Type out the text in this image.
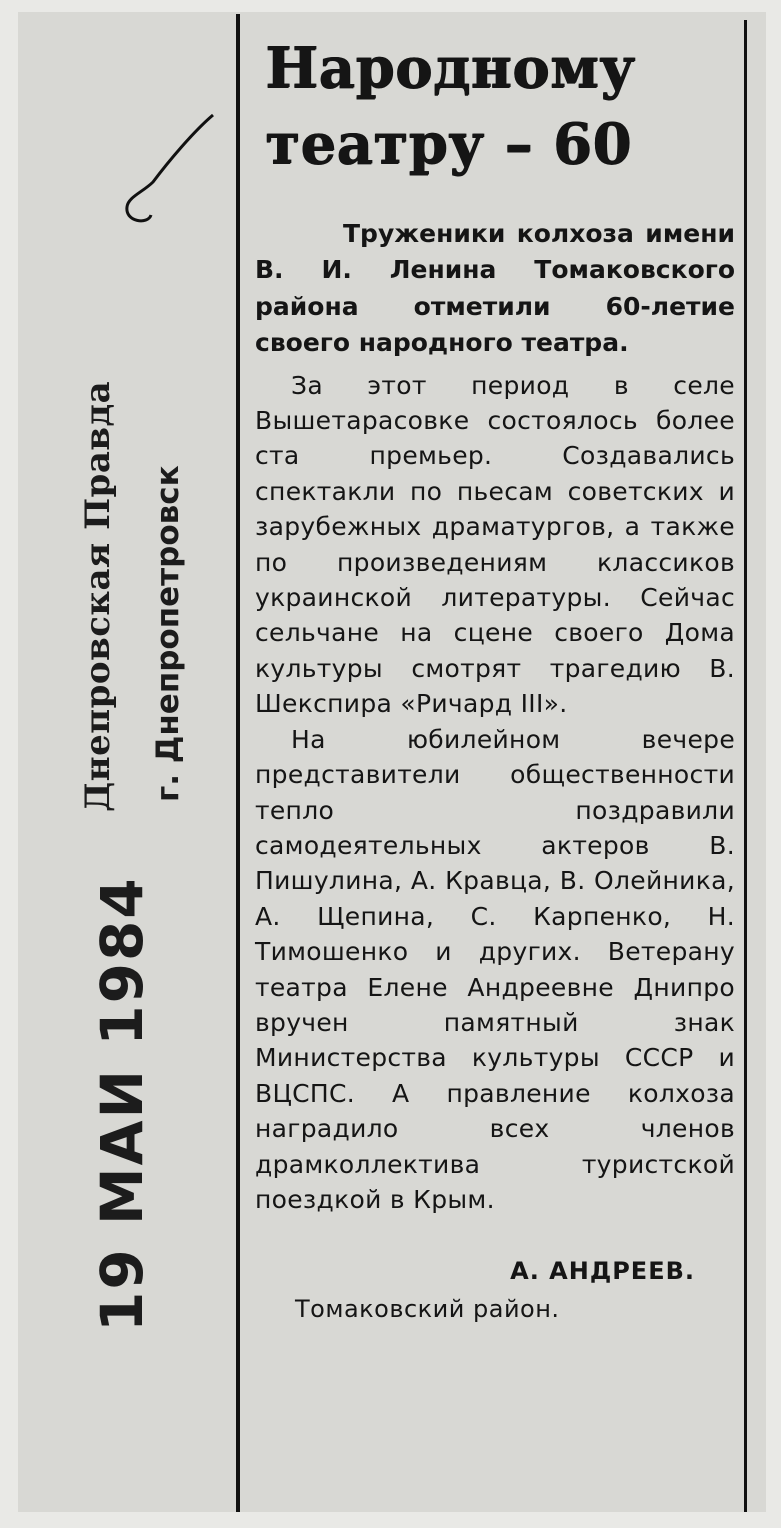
Днепровская Правда г. Днепропетровск
19 МАИ 1984
Народному
театру – 60

Труженики колхоза имени В. И. Ленина Томаковского района отметили 60-летие своего народного театра.

За этот период в селе Вышетарасовке состоялось более ста премьер. Создавались спектакли по пьесам советских и зарубежных драматургов, а также по произведениям классиков украинской литературы. Сейчас сельчане на сцене своего Дома культуры смотрят трагедию В. Шекспира «Ричард III».

На юбилейном вечере представители общественности тепло поздравили самодеятельных актеров В. Пишулина, А. Кравца, В. Олейника, А. Щепина, С. Карпенко, Н. Тимошенко и других. Ветерану театра Елене Андреевне Днипро вручен памятный знак Министерства культуры СССР и ВЦСПС. А правление колхоза наградило всех членов драмколлектива туристской поездкой в Крым.

А. АНДРЕЕВ.
Томаковский район.
